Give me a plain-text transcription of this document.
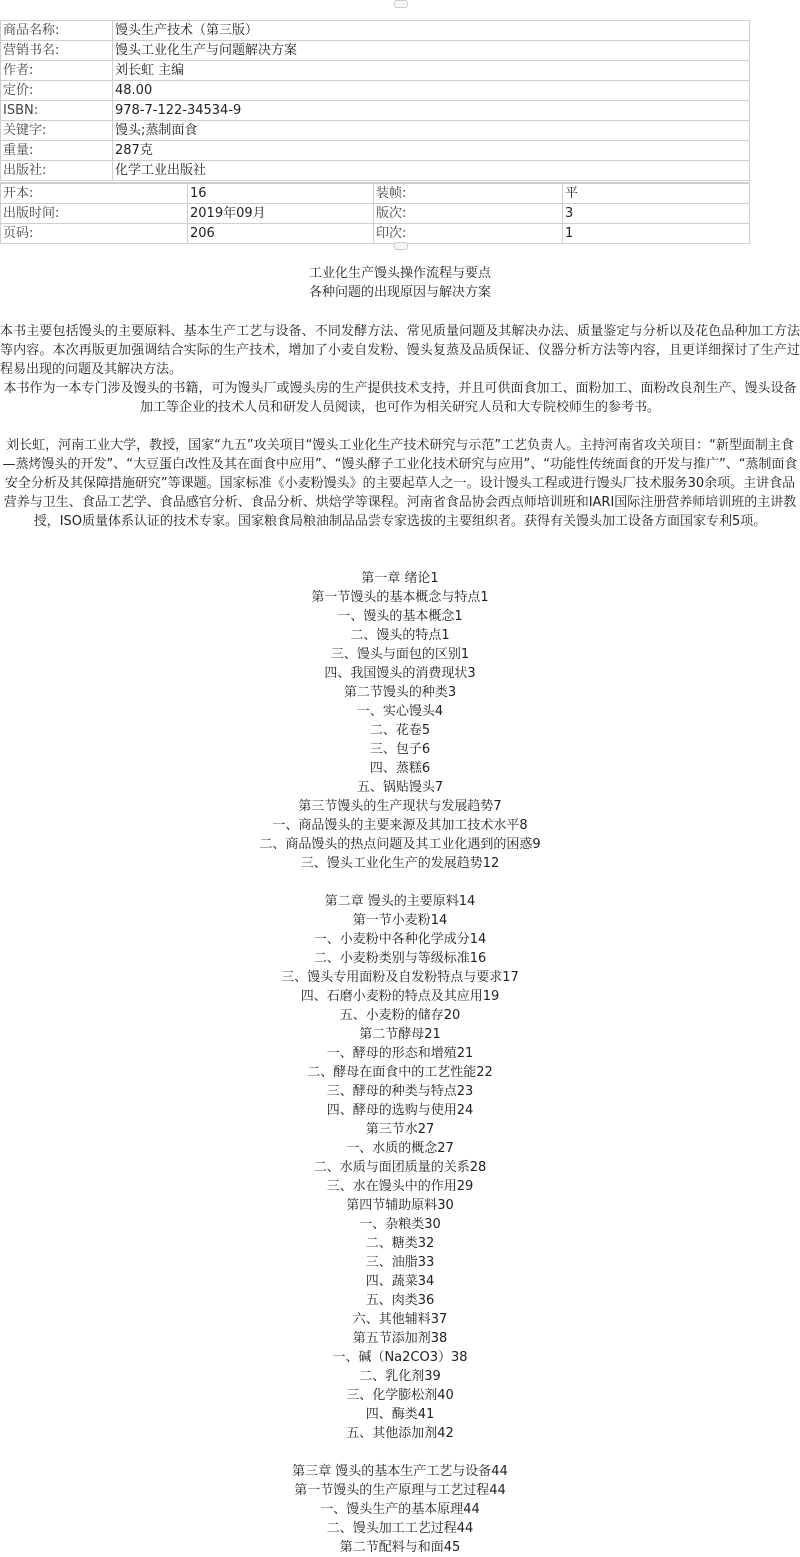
商品名称:	馒头生产技术（第三版）
营销书名:	馒头工业化生产与问题解决方案
作者:	刘长虹 主编
定价:	48.00
ISBN:	978-7-122-34534-9
关键字:	馒头;蒸制面食
重量:	287克
出版社:	化学工业出版社
开本:	16	装帧:	平
出版时间:	2019年09月	版次:	3
页码:	206	印次:	1
工业化生产馒头操作流程与要点
各种问题的出现原因与解决方案
本书主要包括馒头的主要原料、基本生产工艺与设备、不同发酵方法、常见质量问题及其解决办法、质量鉴定与分析以及花色品种加工方法等内容。本次再版更加强调结合实际的生产技术，增加了小麦自发粉、馒头复蒸及品质保证、仪器分析方法等内容，且更详细探讨了生产过程易出现的问题及其解决方法。
本书作为一本专门涉及馒头的书籍，可为馒头厂或馒头房的生产提供技术支持，并且可供面食加工、面粉加工、面粉改良剂生产、馒头设备加工等企业的技术人员和研发人员阅读，也可作为相关研究人员和大专院校师生的参考书。
刘长虹，河南工业大学，教授，国家“九五”攻关项目“馒头工业化生产技术研究与示范”工艺负责人。主持河南省攻关项目：“新型面制主食—蒸烤馒头的开发”、“大豆蛋白改性及其在面食中应用”、“馒头酵子工业化技术研究与应用”、“功能性传统面食的开发与推广”、“蒸制面食安全分析及其保障措施研究”等课题。国家标准《小麦粉馒头》的主要起草人之一。设计馒头工程或进行馒头厂技术服务30余项。主讲食品营养与卫生、食品工艺学、食品感官分析、食品分析、烘焙学等课程。河南省食品协会西点师培训班和IARI国际注册营养师培训班的主讲教授，ISO质量体系认证的技术专家。国家粮食局粮油制品品尝专家选拔的主要组织者。获得有关馒头加工设备方面国家专利5项。
第一章 绪论1
第一节馒头的基本概念与特点1
一、馒头的基本概念1
二、馒头的特点1
三、馒头与面包的区别1
四、我国馒头的消费现状3
第二节馒头的种类3
一、实心馒头4
二、花卷5
三、包子6
四、蒸糕6
五、锅贴馒头7
第三节馒头的生产现状与发展趋势7
一、商品馒头的主要来源及其加工技术水平8
二、商品馒头的热点问题及其工业化遇到的困惑9
三、馒头工业化生产的发展趋势12
第二章 馒头的主要原料14
第一节小麦粉14
一、小麦粉中各种化学成分14
二、小麦粉类别与等级标准16
三、馒头专用面粉及自发粉特点与要求17
四、石磨小麦粉的特点及其应用19
五、小麦粉的储存20
第二节酵母21
一、酵母的形态和增殖21
二、酵母在面食中的工艺性能22
三、酵母的种类与特点23
四、酵母的选购与使用24
第三节水27
一、水质的概念27
二、水质与面团质量的关系28
三、水在馒头中的作用29
第四节辅助原料30
一、杂粮类30
二、糖类32
三、油脂33
四、蔬菜34
五、肉类36
六、其他辅料37
第五节添加剂38
一、碱（Na2CO3）38
二、乳化剂39
三、化学膨松剂40
四、酶类41
五、其他添加剂42
第三章 馒头的基本生产工艺与设备44
第一节馒头的生产原理与工艺过程44
一、馒头生产的基本原理44
二、馒头加工工艺过程44
第二节配料与和面45
